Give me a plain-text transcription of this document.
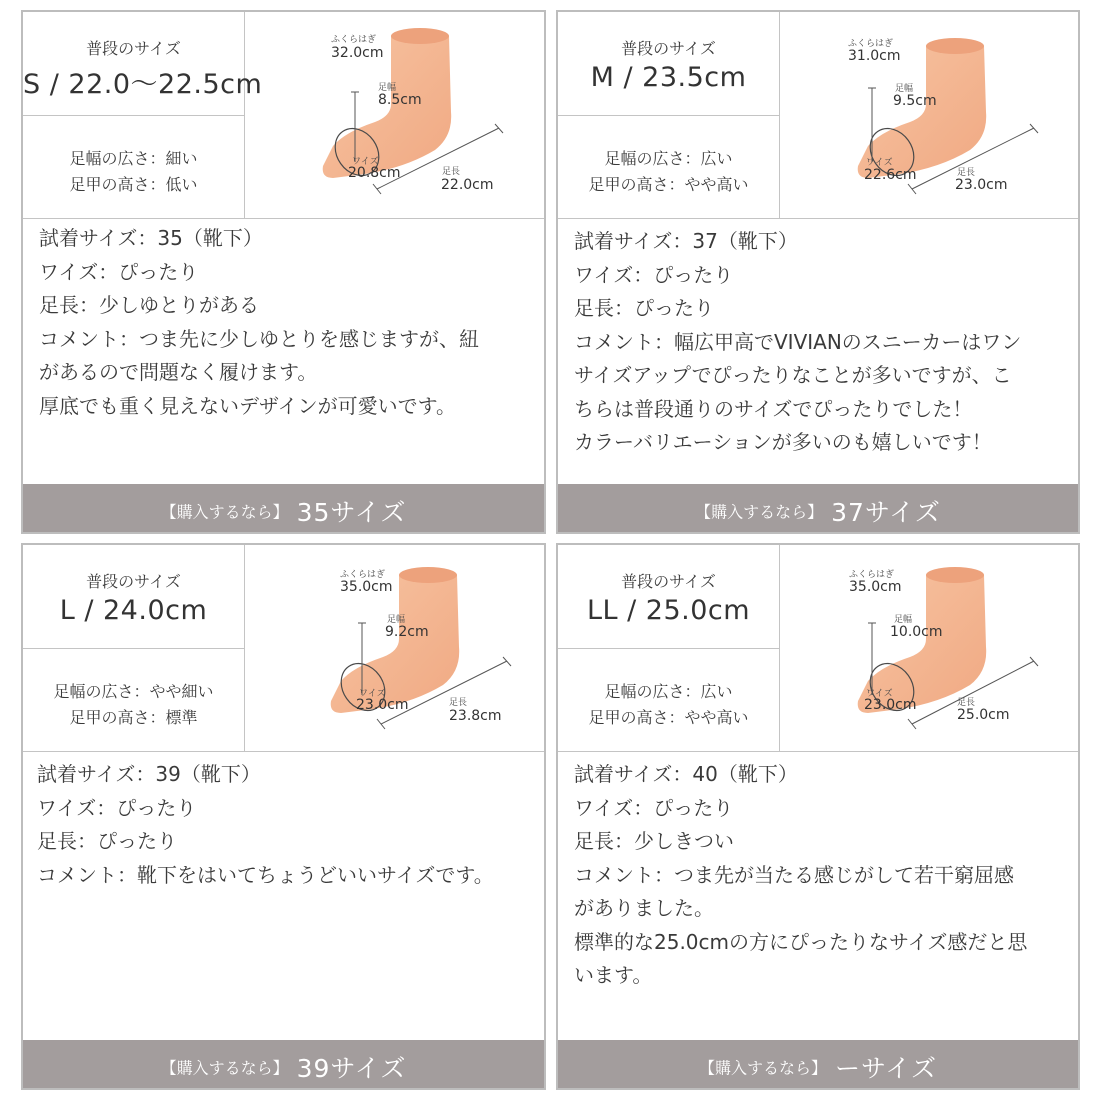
普段のサイズ
S / 22.0〜22.5cm
足幅の広さ：細い
足甲の高さ：低い
ふくらはぎ
32.0cm
足幅
8.5cm
ワイズ
20.8cm	足長
22.0cm
試着サイズ：35（靴下）
ワイズ：ぴったり
足長：少しゆとりがある
コメント：つま先に少しゆとりを感じますが、紐
があるので問題なく履けます。
厚底でも重く見えないデザインが可愛いです。
【購入するなら】 35サイズ
普段のサイズ
M / 23.5cm
足幅の広さ：広い
足甲の高さ：やや高い
ふくらはぎ
31.0cm
足幅
9.5cm
ワイズ
22.6cm	足長
23.0cm
試着サイズ：37（靴下）
ワイズ：ぴったり
足長：ぴったり
コメント：幅広甲高でVIVIANのスニーカーはワン
サイズアップでぴったりなことが多いですが、こ
ちらは普段通りのサイズでぴったりでした！
カラーバリエーションが多いのも嬉しいです！
【購入するなら】 37サイズ
普段のサイズ
L / 24.0cm
足幅の広さ：やや細い
足甲の高さ：標準
ふくらはぎ
35.0cm
足幅
9.2cm
ワイズ
23.0cm	足長
23.8cm
試着サイズ：39（靴下）
ワイズ：ぴったり
足長：ぴったり
コメント：靴下をはいてちょうどいいサイズです。
【購入するなら】 39サイズ
普段のサイズ
LL / 25.0cm
足幅の広さ：広い
足甲の高さ：やや高い
ふくらはぎ
35.0cm
足幅
10.0cm
ワイズ
23.0cm	足長
25.0cm
試着サイズ：40（靴下）
ワイズ：ぴったり
足長：少しきつい
コメント：つま先が当たる感じがして若干窮屈感
がありました。
標準的な25.0cmの方にぴったりなサイズ感だと思
います。
【購入するなら】 ーサイズ
